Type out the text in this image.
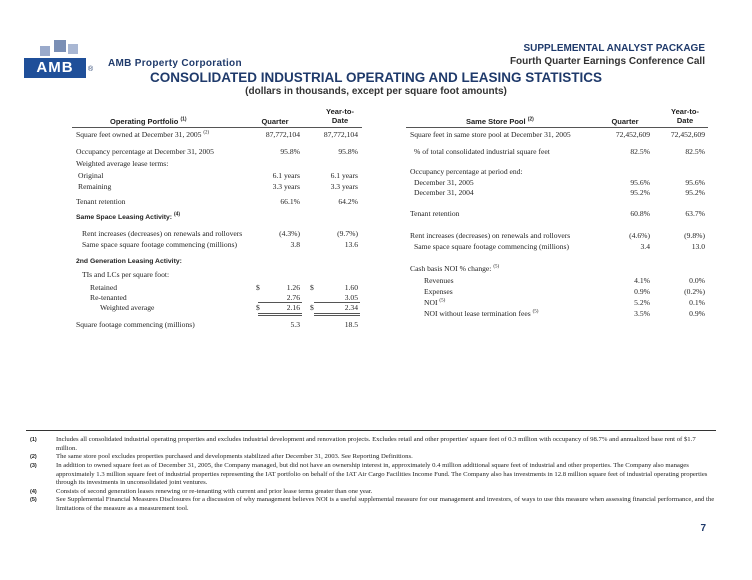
AMB	®
AMB Property Corporation
SUPPLEMENTAL ANALYST PACKAGE
Fourth Quarter Earnings Conference Call
CONSOLIDATED INDUSTRIAL OPERATING AND LEASING STATISTICS
(dollars in thousands, except per square foot amounts)
Operating Portfolio $^{(1)}$	Quarter
Year-to-
Date
Square feet owned at December 31, 2005 $^{(2)}$	87,772,104	87,772,104
Occupancy percentage at December 31, 2005	95.8%	95.8%
Weighted average lease terms:
Original	6.1 years	6.1 years
Remaining	3.3 years	3.3 years
Tenant retention	66.1%	64.2%
Same Space Leasing Activity: $^{(4)}$
Rent increases (decreases) on renewals and rollovers	(4.3%)	(9.7%)
Same space square footage commencing (millions)	3.8	13.6
2nd Generation Leasing Activity:
TIs and LCs per square foot:
Retained	$	1.26 $	1.60
Re-tenanted	2.76	3.05
Weighted average	$	2.16 $	2.34
Square footage commencing (millions)	5.3	18.5
Same Store Pool $^{(2)}$	Quarter
Year-to-
Date
Square feet in same store pool at December 31, 2005	72,452,609	72,452,609
% of total consolidated industrial square feet	82.5%	82.5%
Occupancy percentage at period end:
December 31, 2005	95.6%	95.6%
December 31, 2004	95.2%	95.2%
Tenant retention	60.8%	63.7%
Rent increases (decreases) on renewals and rollovers	(4.6%)	(9.8%)
Same space square footage commencing (millions)	3.4	13.0
Cash basis NOI % change: $^{(5)}$
Revenues	4.1%	0.0%
Expenses	0.9%	(0.2%)
NOI $^{(5)}$	5.2%	0.1%
NOI without lease termination fees $^{(5)}$	3.5%	0.9%
(1)	Includes all consolidated industrial operating properties and excludes industrial development and renovation projects. Excludes retail and other properties' square feet of 0.3 million with occupancy of 98.7% and annualized base rent of $1.7 million.
(2)	The same store pool excludes properties purchased and developments stabilized after December 31, 2003. See Reporting Definitions.
(3)	In addition to owned square feet as of December 31, 2005, the Company managed, but did not have an ownership interest in, approximately 0.4 million additional square feet of industrial and other properties. The Company also manages approximately 1.3 million square feet of industrial properties representing the IAT portfolio on behalf of the IAT Air Cargo Facilities Income Fund. The Company also has investments in 12.8 million square feet of industrial operating properties through its investments in unconsolidated joint ventures.
(4)	Consists of second generation leases renewing or re-tenanting with current and prior lease terms greater than one year.
(5)	See Supplemental Financial Measures Disclosures for a discussion of why management believes NOI is a useful supplemental measure for our management and investors, of ways to use this measure when assessing financial performance, and the limitations of the measure as a measurement tool.
7
